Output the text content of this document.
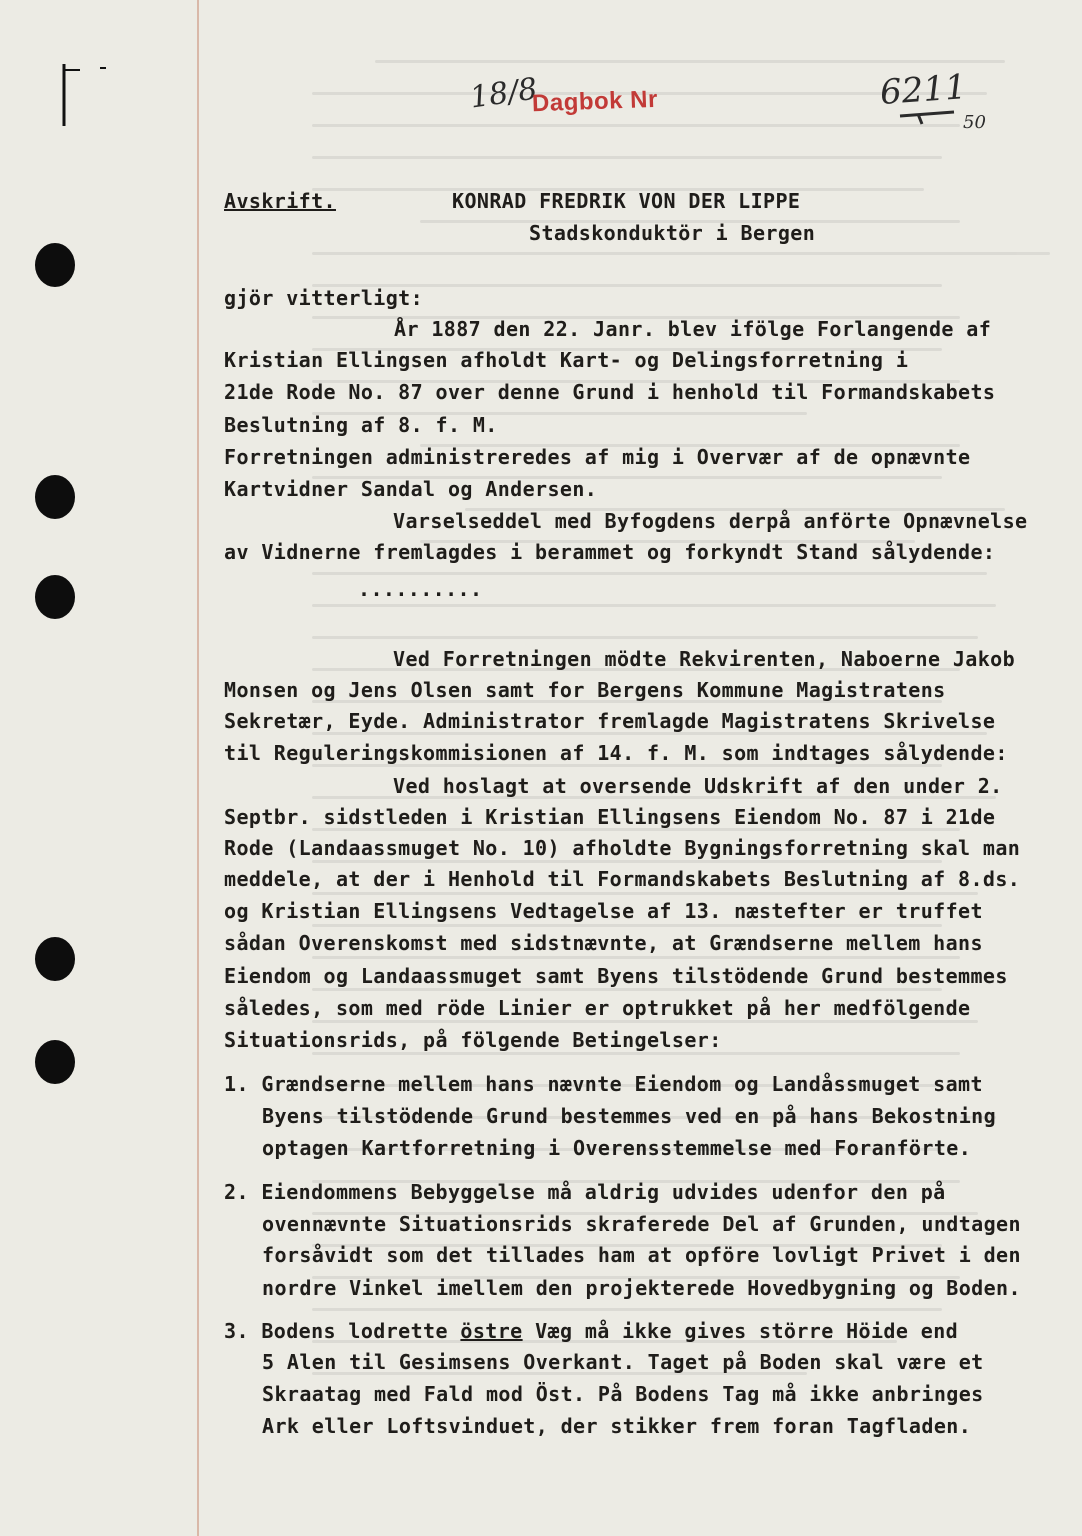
18/8
Dagbok Nr	6211
50
Avskrift.	KONRAD FREDRIK VON DER LIPPE
Stadskonduktör i Bergen
gjör vitterligt:
År 1887 den 22. Janr. blev ifölge Forlangende af
Kristian Ellingsen afholdt Kart- og Delingsforretning i
21de Rode No. 87 over denne Grund i henhold til Formandskabets
Beslutning af 8. f. M.
Forretningen administreredes af mig i Overvær af de opnævnte
Kartvidner Sandal og Andersen.
Varselseddel med Byfogdens derpå anförte Opnævnelse
av Vidnerne fremlagdes i berammet og forkyndt Stand sålydende:
..........
Ved Forretningen mödte Rekvirenten, Naboerne Jakob
Monsen og Jens Olsen samt for Bergens Kommune Magistratens
Sekretær, Eyde. Administrator fremlagde Magistratens Skrivelse
til Reguleringskommisionen af 14. f. M. som indtages sålydende:
Ved hoslagt at oversende Udskrift af den under 2.
Septbr. sidstleden i Kristian Ellingsens Eiendom No. 87 i 21de
Rode (Landaassmuget No. 10) afholdte Bygningsforretning skal man
meddele, at der i Henhold til Formandskabets Beslutning af 8.ds.
og Kristian Ellingsens Vedtagelse af 13. næstefter er truffet
sådan Overenskomst med sidstnævnte, at Grændserne mellem hans
Eiendom og Landaassmuget samt Byens tilstödende Grund bestemmes
således, som med röde Linier er optrukket på her medfölgende
Situationsrids, på fölgende Betingelser:
1. Grændserne mellem hans nævnte Eiendom og Landåssmuget samt
Byens tilstödende Grund bestemmes ved en på hans Bekostning
optagen Kartforretning i Overensstemmelse med Foranförte.
2. Eiendommens Bebyggelse må aldrig udvides udenfor den på
ovennævnte Situationsrids skraferede Del af Grunden, undtagen
forsåvidt som det tillades ham at opföre lovligt Privet i den
nordre Vinkel imellem den projekterede Hovedbygning og Boden.
3. Bodens lodrette östre Væg må ikke gives större Höide end
5 Alen til Gesimsens Overkant. Taget på Boden skal være et
Skraatag med Fald mod Öst. På Bodens Tag må ikke anbringes
Ark eller Loftsvinduet, der stikker frem foran Tagfladen.
